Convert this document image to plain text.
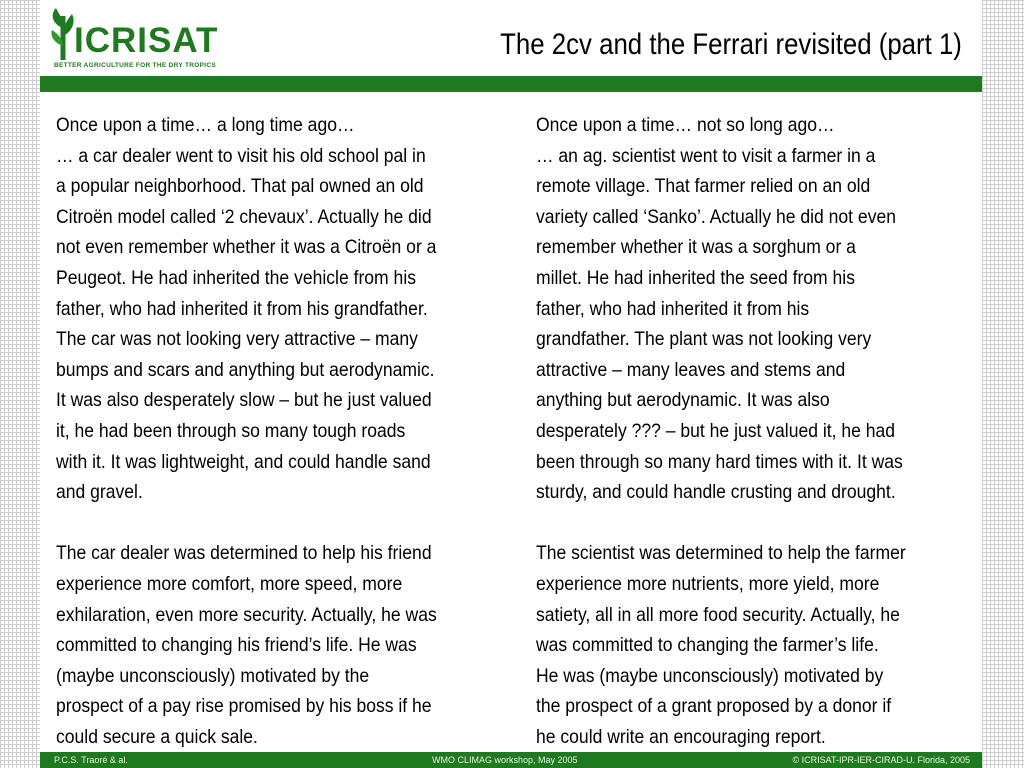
ICRISAT
BETTER AGRICULTURE FOR THE DRY TROPICS
The 2cv and the Ferrari revisited (part 1)

Once upon a time… a long time ago…

… a car dealer went to visit his old school pal in

a popular neighborhood. That pal owned an old

Citroën model called ‘2 chevaux’. Actually he did

not even remember whether it was a Citroën or a

Peugeot. He had inherited the vehicle from his

father, who had inherited it from his grandfather.

The car was not looking very attractive – many

bumps and scars and anything but aerodynamic.

It was also desperately slow – but he just valued

it, he had been through so many tough roads

with it. It was lightweight, and could handle sand

and gravel.

The car dealer was determined to help his friend

experience more comfort, more speed, more

exhilaration, even more security. Actually, he was

committed to changing his friend’s life. He was

(maybe unconsciously) motivated by the

prospect of a pay rise promised by his boss if he

could secure a quick sale.

Once upon a time… not so long ago…

… an ag. scientist went to visit a farmer in a

remote village. That farmer relied on an old

variety called ‘Sanko’. Actually he did not even

remember whether it was a sorghum or a

millet. He had inherited the seed from his

father, who had inherited it from his

grandfather. The plant was not looking very

attractive – many leaves and stems and

anything but aerodynamic. It was also

desperately ??? – but he just valued it, he had

been through so many hard times with it. It was

sturdy, and could handle crusting and drought.

The scientist was determined to help the farmer

experience more nutrients, more yield, more

satiety, all in all more food security. Actually, he

was committed to changing the farmer’s life.

He was (maybe unconsciously) motivated by

the prospect of a grant proposed by a donor if

he could write an encouraging report.

P.C.S. Traoré & al.	WMO CLIMAG workshop, May 2005	© ICRISAT-IPR-IER-CIRAD-U. Florida, 2005
